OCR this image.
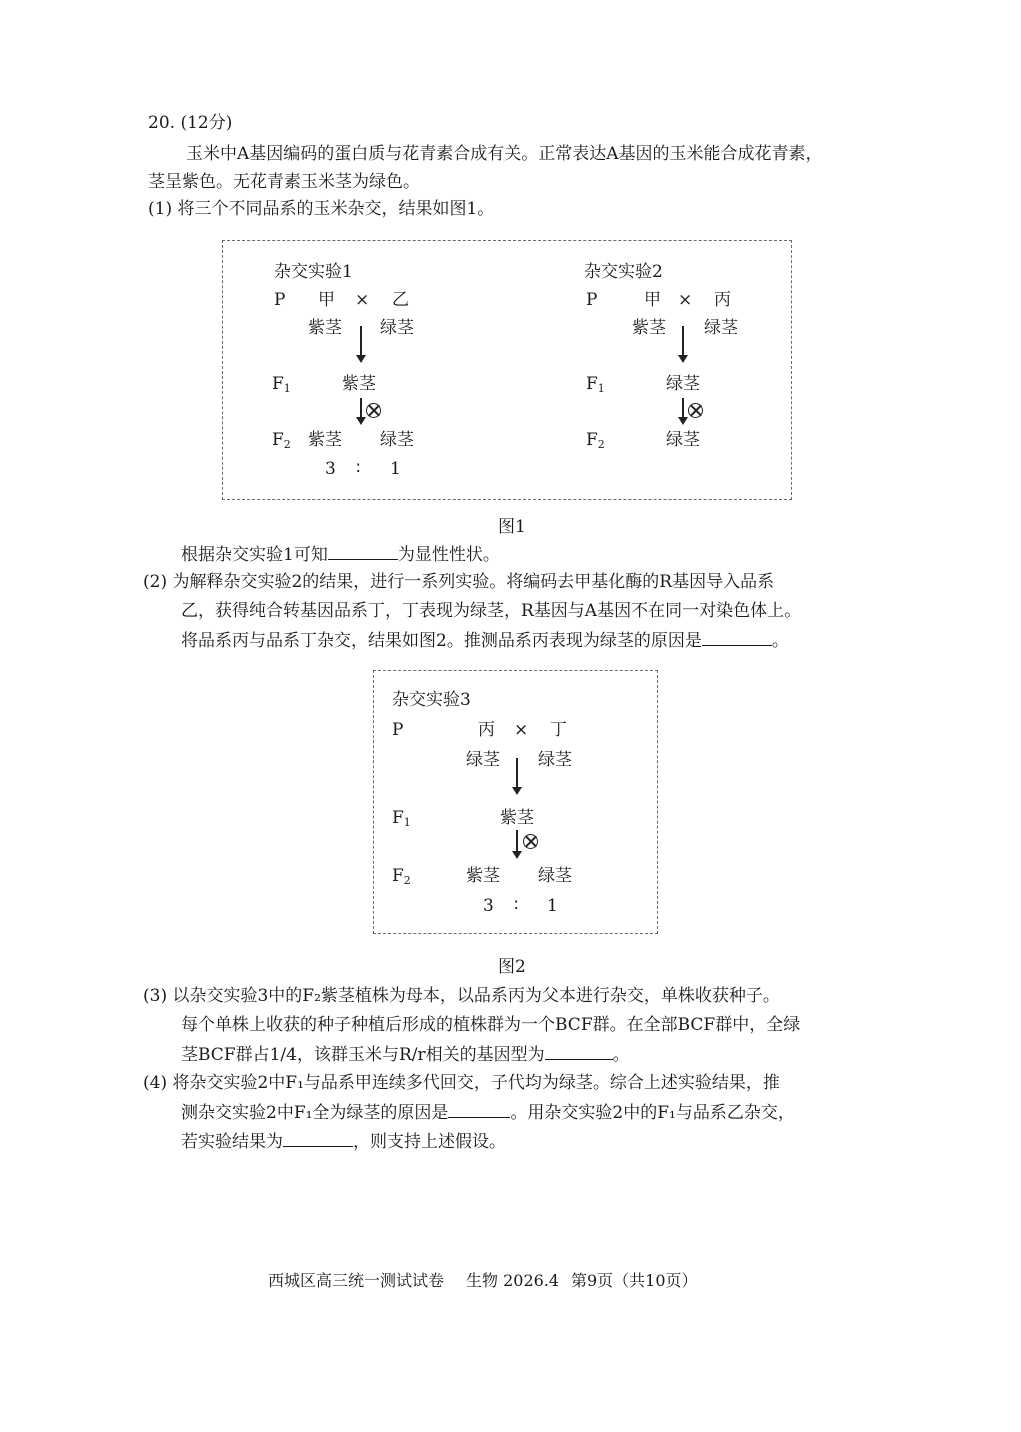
20. (12分)
玉米中A基因编码的蛋白质与花青素合成有关。正常表达A基因的玉米能合成花青素，
茎呈紫色。无花青素玉米茎为绿色。
(1) 将三个不同品系的玉米杂交，结果如图1。
杂交实验1
P 甲 × 乙
紫茎 绿茎
$F_1$	紫茎
$F_2$ 紫茎 绿茎
3 ∶ 1
杂交实验2
P	甲 × 丙
紫茎 绿茎
$F_1$	绿茎
$F_2$	绿茎
图1
根据杂交实验1可知	为显性性状。
(2) 为解释杂交实验2的结果，进行一系列实验。将编码去甲基化酶的R基因导入品系
乙，获得纯合转基因品系丁，丁表现为绿茎，R基因与A基因不在同一对染色体上。
将品系丙与品系丁杂交，结果如图2。推测品系丙表现为绿茎的原因是	。
杂交实验3
P	丙 × 丁
绿茎 绿茎
$F_1$	紫茎
$F_2$	紫茎 绿茎
3 ∶ 1
图2
(3) 以杂交实验3中的F₂紫茎植株为母本，以品系丙为父本进行杂交，单株收获种子。
每个单株上收获的种子种植后形成的植株群为一个BCF群。在全部BCF群中，全绿
茎BCF群占1/4，该群玉米与R/r相关的基因型为	。
(4) 将杂交实验2中F₁与品系甲连续多代回交，子代均为绿茎。综合上述实验结果，推
测杂交实验2中F₁全为绿茎的原因是	。用杂交实验2中的F₁与品系乙杂交，
若实验结果为	，则支持上述假设。
西城区高三统一测试试卷 生物 2026.4 第9页（共10页）
